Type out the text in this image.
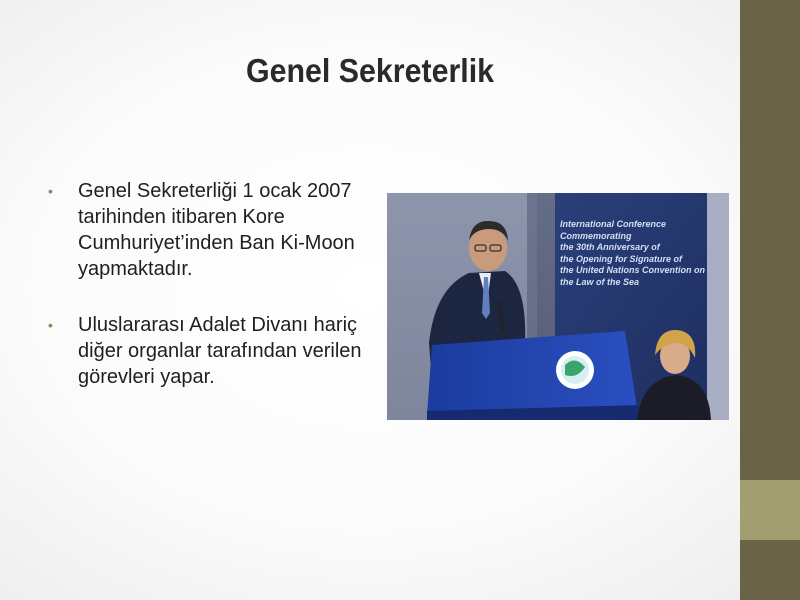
Genel Sekreterlik
• Genel Sekreterliği 1 ocak 2007 tarihinden itibaren Kore Cumhuriyet’inden Ban Ki-Moon yapmaktadır.
• Uluslararası Adalet Divanı hariç diğer organlar tarafından verilen görevleri yapar.
International Conference
Commemorating
the 30th Anniversary of
the Opening for Signature of
the United Nations Convention on
the Law of the Sea
